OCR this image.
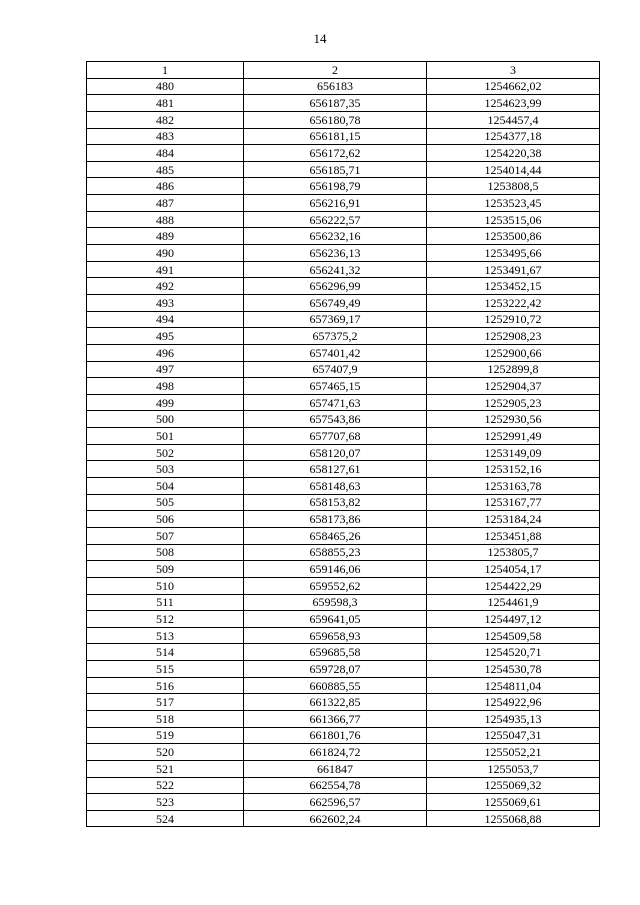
14
1	2	3
480	656183	1254662,02
481	656187,35	1254623,99
482	656180,78	1254457,4
483	656181,15	1254377,18
484	656172,62	1254220,38
485	656185,71	1254014,44
486	656198,79	1253808,5
487	656216,91	1253523,45
488	656222,57	1253515,06
489	656232,16	1253500,86
490	656236,13	1253495,66
491	656241,32	1253491,67
492	656296,99	1253452,15
493	656749,49	1253222,42
494	657369,17	1252910,72
495	657375,2	1252908,23
496	657401,42	1252900,66
497	657407,9	1252899,8
498	657465,15	1252904,37
499	657471,63	1252905,23
500	657543,86	1252930,56
501	657707,68	1252991,49
502	658120,07	1253149,09
503	658127,61	1253152,16
504	658148,63	1253163,78
505	658153,82	1253167,77
506	658173,86	1253184,24
507	658465,26	1253451,88
508	658855,23	1253805,7
509	659146,06	1254054,17
510	659552,62	1254422,29
511	659598,3	1254461,9
512	659641,05	1254497,12
513	659658,93	1254509,58
514	659685,58	1254520,71
515	659728,07	1254530,78
516	660885,55	1254811,04
517	661322,85	1254922,96
518	661366,77	1254935,13
519	661801,76	1255047,31
520	661824,72	1255052,21
521	661847	1255053,7
522	662554,78	1255069,32
523	662596,57	1255069,61
524	662602,24	1255068,88
